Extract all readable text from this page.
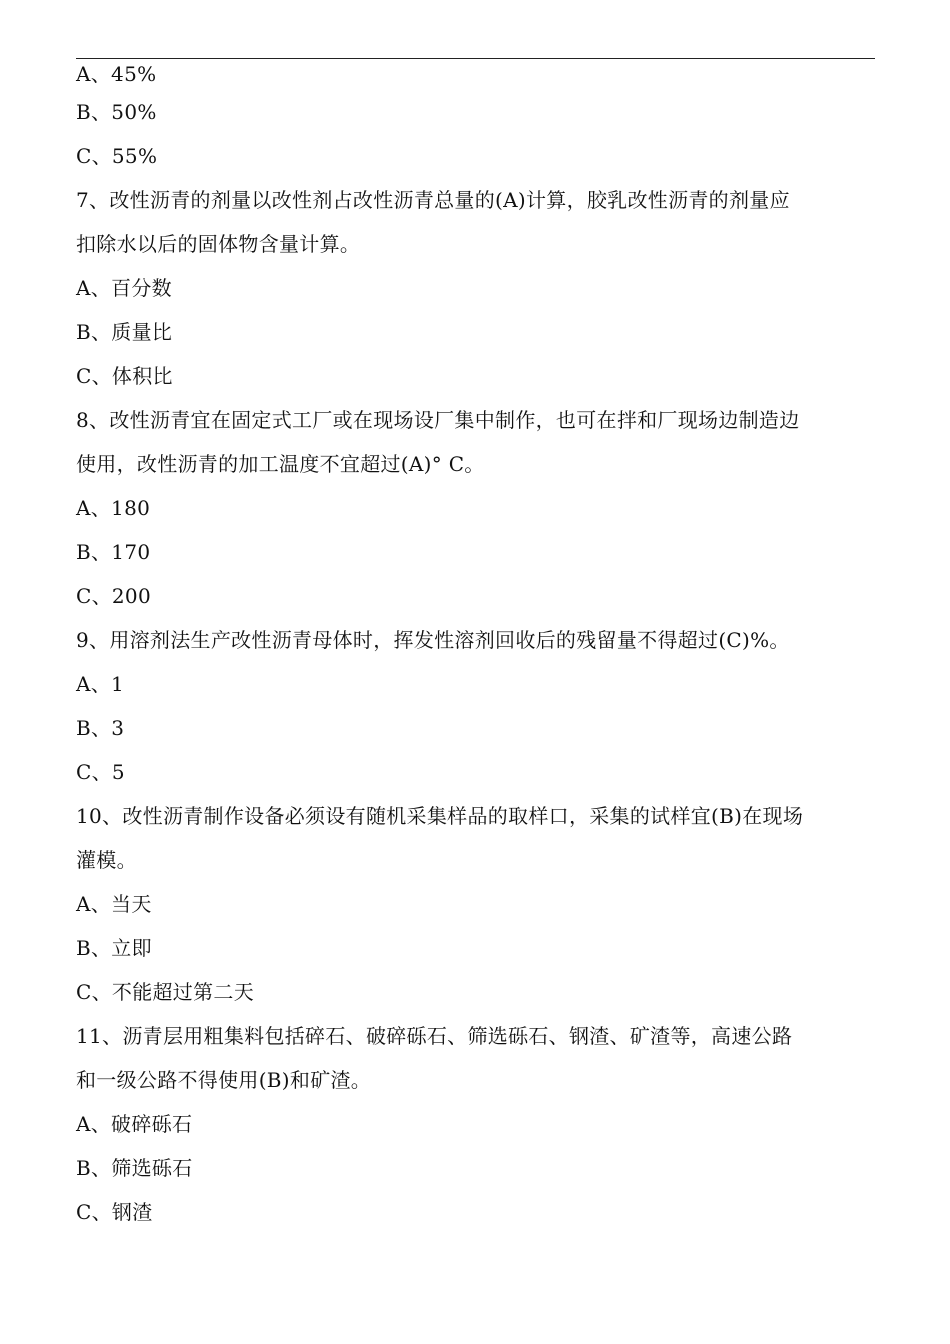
A、45%
B、50%
C、55%
7、改性沥青的剂量以改性剂占改性沥青总量的(A)计算，胶乳改性沥青的剂量应
扣除水以后的固体物含量计算。
A、百分数
B、质量比
C、体积比
8、改性沥青宜在固定式工厂或在现场设厂集中制作，也可在拌和厂现场边制造边
使用，改性沥青的加工温度不宜超过(A)° C。
A、180
B、170
C、200
9、用溶剂法生产改性沥青母体时，挥发性溶剂回收后的残留量不得超过(C)%。
A、1
B、3
C、5
10、改性沥青制作设备必须设有随机采集样品的取样口，采集的试样宜(B)在现场
灌模。
A、当天
B、立即
C、不能超过第二天
11、沥青层用粗集料包括碎石、破碎砾石、筛选砾石、钢渣、矿渣等，高速公路
和一级公路不得使用(B)和矿渣。
A、破碎砾石
B、筛选砾石
C、钢渣
